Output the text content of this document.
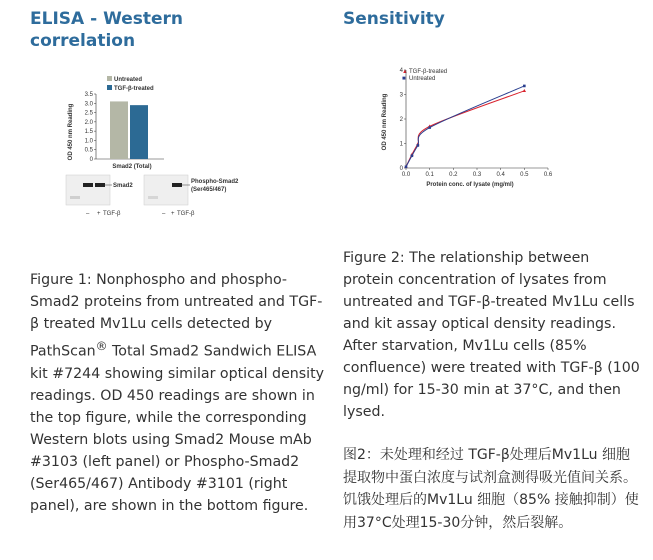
ELISA - Western
correlation
Untreated
TGF-β-treated
OD 450 nm Reading	0
0.5
1.0
1.5
2.0
2.5
3.0
3.5
Smad2 (Total)
Smad2
– + TGF-β
Phospho-Smad2
(Ser465/467)
– + TGF-β

Figure 1: Nonphospho and phospho-Smad2 proteins from untreated and TGF-β treated Mv1Lu cells detected by PathScan® Total Smad2 Sandwich ELISA kit #7244 showing similar optical density readings. OD 450 readings are shown in the top figure, while the corresponding Western blots using Smad2 Mouse mAb #3103 (left panel) or Phospho-Smad2 (Ser465/467) Antibody #3101 (right panel), are shown in the bottom figure.

Sensitivity
OD 450 nm Reading
Protein conc. of lysate (mg/ml)
▲ TGF-β-treated
■ Untreated
0
1
2
3
4
0.0	0.1	0.2	0.3	0.4	0.5	0.6

Figure 2: The relationship between protein concentration of lysates from untreated and TGF-β-treated Mv1Lu cells and kit assay optical density readings. After starvation, Mv1Lu cells (85% confluence) were treated with TGF-β (100 ng/ml) for 15-30 min at 37°C, and then lysed.

图2：未处理和经过 TGF-β处理后Mv1Lu 细胞提取物中蛋白浓度与试剂盒测得吸光值间关系。饥饿处理后的Mv1Lu 细胞（85% 接触抑制）使用37°C处理15-30分钟，然后裂解。
